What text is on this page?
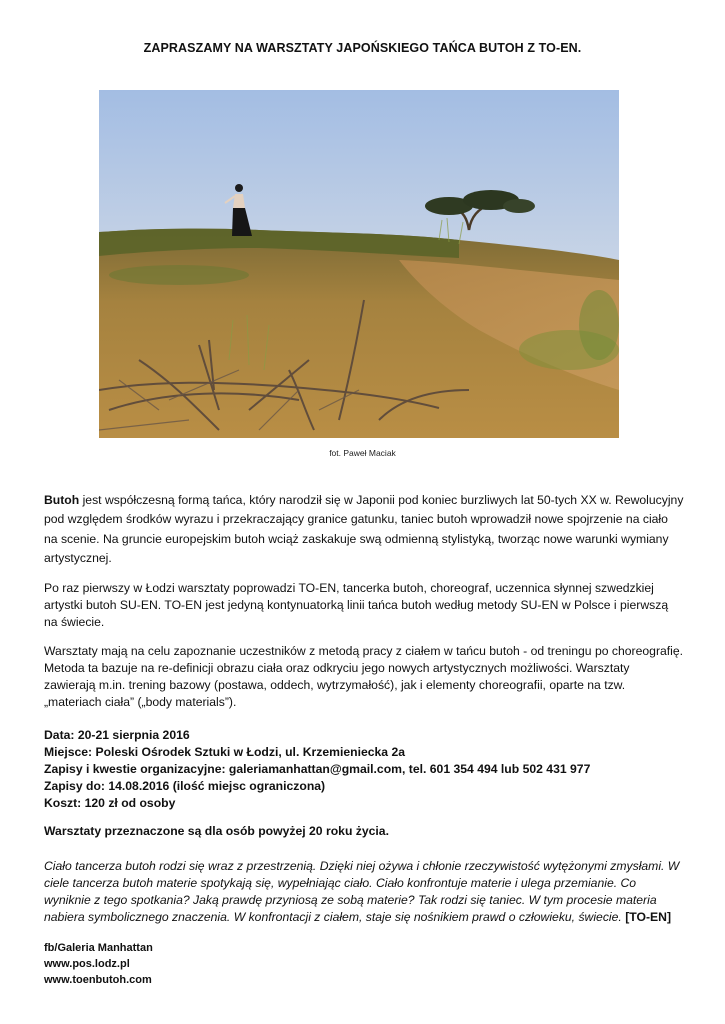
ZAPRASZAMY NA WARSZTATY JAPOŃSKIEGO TAŃCA BUTOH Z TO-EN.
fot. Paweł Maciak

Butoh jest współczesną formą tańca, który narodził się w Japonii pod koniec burzliwych lat 50-tych XX w. Rewolucyjny pod względem środków wyrazu i przekraczający granice gatunku, taniec butoh wprowadził nowe spojrzenie na ciało na scenie. Na gruncie europejskim butoh wciąż zaskakuje swą odmienną stylistyką, tworząc nowe warunki wymiany artystycznej.

Po raz pierwszy w Łodzi warsztaty poprowadzi TO-EN, tancerka butoh, choreograf, uczennica słynnej szwedzkiej artystki butoh SU-EN. TO-EN jest jedyną kontynuatorką linii tańca butoh według metody SU-EN w Polsce i pierwszą na świecie.

Warsztaty mają na celu zapoznanie uczestników z metodą pracy z ciałem w tańcu butoh - od treningu po choreografię. Metoda ta bazuje na re-definicji obrazu ciała oraz odkryciu jego nowych artystycznych możliwości. Warsztaty zawierają m.in. trening bazowy (postawa, oddech, wytrzymałość), jak i elementy choreografii, oparte na tzw. „materiach ciała” („body materials”).

Data: 20-21 sierpnia 2016
Miejsce: Poleski Ośrodek Sztuki w Łodzi, ul. Krzemieniecka 2a
Zapisy i kwestie organizacyjne: galeriamanhattan@gmail.com, tel. 601 354 494 lub 502 431 977
Zapisy do: 14.08.2016 (ilość miejsc ograniczona)
Koszt: 120 zł od osoby
Warsztaty przeznaczone są dla osób powyżej 20 roku życia.

Ciało tancerza butoh rodzi się wraz z przestrzenią. Dzięki niej ożywa i chłonie rzeczywistość wytężonymi zmysłami. W ciele tancerza butoh materie spotykają się, wypełniając ciało. Ciało konfrontuje materie i ulega przemianie. Co wyniknie z tego spotkania? Jaką prawdę przyniosą ze sobą materie? Tak rodzi się taniec. W tym procesie materia nabiera symbolicznego znaczenia. W konfrontacji z ciałem, staje się nośnikiem prawd o człowieku, świecie. [TO-EN]

fb/Galeria Manhattan
www.pos.lodz.pl
www.toenbutoh.com
